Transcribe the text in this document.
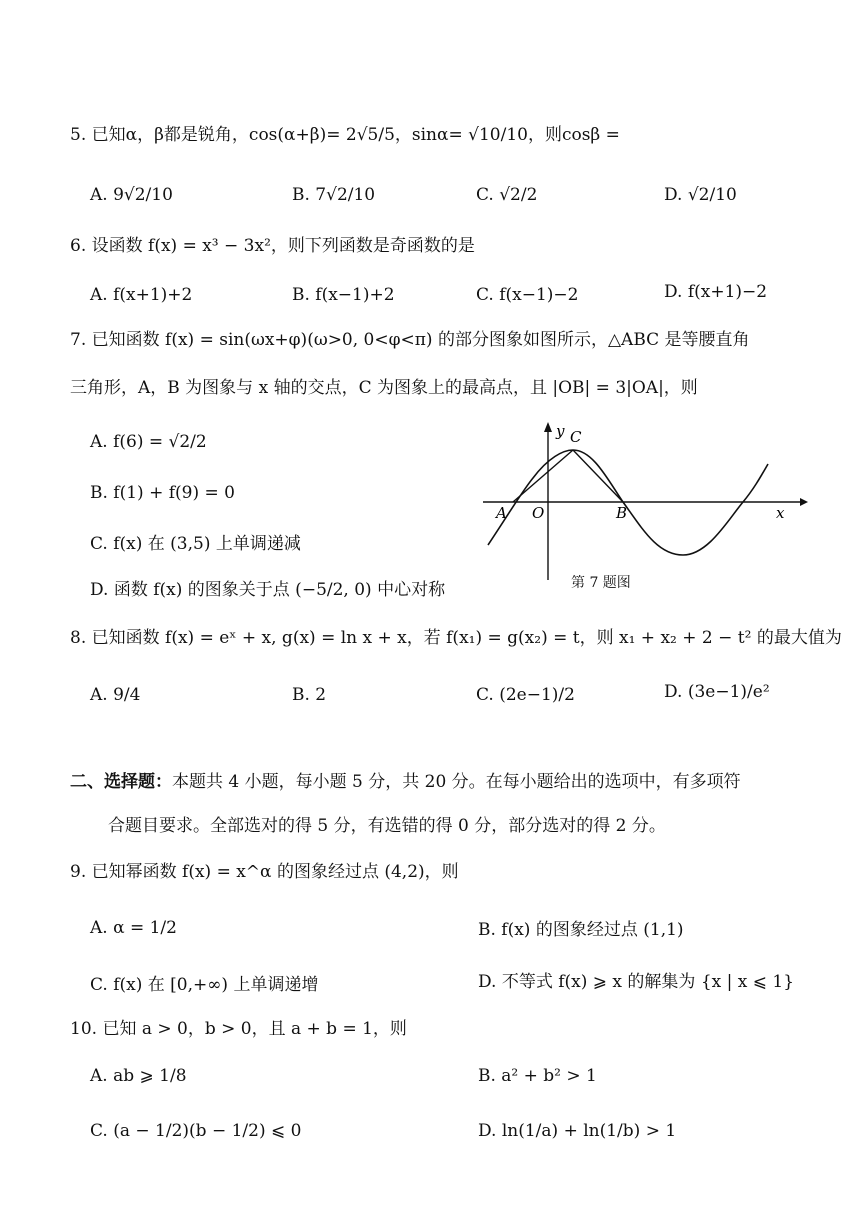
5. 已知α，β都是锐角，cos(α+β)= 2√5/5，sinα= √10/10，则cosβ =
A. 9√2/10	B. 7√2/10	C. √2/2	D. √2/10
6. 设函数 f(x) = x³ − 3x²，则下列函数是奇函数的是
A. f(x+1)+2	B. f(x−1)+2	C. f(x−1)−2	D. f(x+1)−2
7. 已知函数 f(x) = sin(ωx+φ)(ω>0, 0<φ<π) 的部分图象如图所示，△ABC 是等腰直角
三角形，A，B 为图象与 x 轴的交点，C 为图象上的最高点，且 |OB| = 3|OA|，则
A. f(6) = √2/2
B. f(1) + f(9) = 0
C. f(x) 在 (3,5) 上单调递减
D. 函数 f(x) 的图象关于点 (−5/2, 0) 中心对称
y C
A O	B	x
第 7 题图
8. 已知函数 f(x) = eˣ + x, g(x) = ln x + x，若 f(x₁) = g(x₂) = t，则 x₁ + x₂ + 2 − t² 的最大值为
A. 9/4	B. 2	C. (2e−1)/2	D. (3e−1)/e²
二、选择题：本题共 4 小题，每小题 5 分，共 20 分。在每小题给出的选项中，有多项符
合题目要求。全部选对的得 5 分，有选错的得 0 分，部分选对的得 2 分。
9. 已知幂函数 f(x) = x^α 的图象经过点 (4,2)，则
A. α = 1/2	B. f(x) 的图象经过点 (1,1)
C. f(x) 在 [0,+∞) 上单调递增	D. 不等式 f(x) ⩾ x 的解集为 {x | x ⩽ 1}
10. 已知 a > 0，b > 0，且 a + b = 1，则
A. ab ⩾ 1/8	B. a² + b² > 1
C. (a − 1/2)(b − 1/2) ⩽ 0	D. ln(1/a) + ln(1/b) > 1
